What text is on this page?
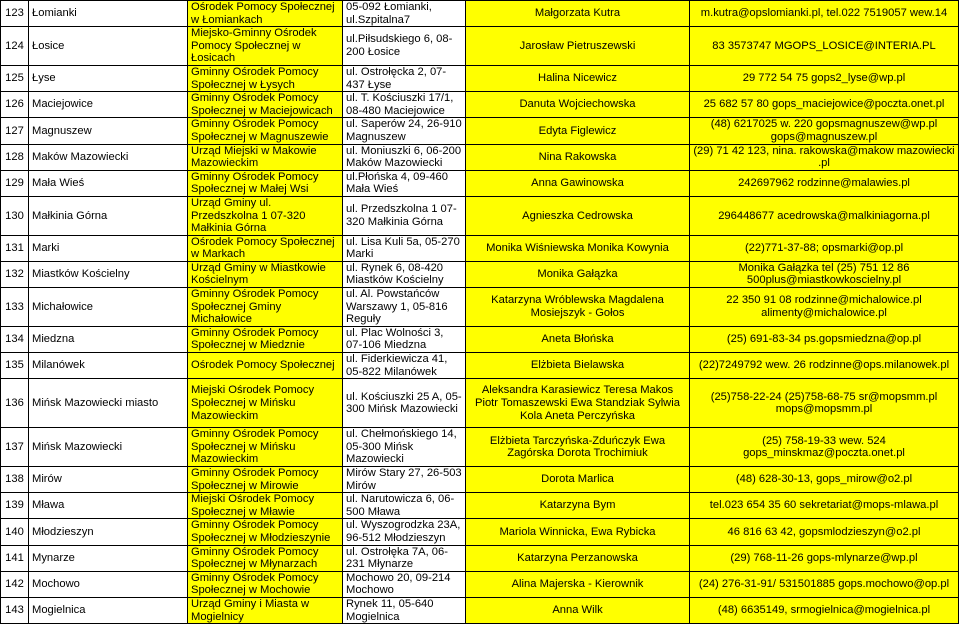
123	Łomianki	Ośrodek Pomocy Społecznej w Łomiankach	05-092 Łomianki, ul.Szpitalna7	Małgorzata Kutra	m.kutra@opslomianki.pl, tel.022 7519057 wew.14
124	Łosice	Miejsko-Gminny Ośrodek Pomocy Społecznej w Łosicach	ul.Piłsudskiego 6, 08-200 Łosice	Jarosław Pietruszewski	83 3573747 MGOPS_LOSICE@INTERIA.PL
125	Łyse	Gminny Ośrodek Pomocy Społecznej w Łysych	ul. Ostrołęcka 2, 07-437 Łyse	Halina Nicewicz	29 772 54 75 gops2_lyse@wp.pl
126	Maciejowice	Gminny Ośrodek Pomocy Społecznej w Maciejowicach	ul. T. Kościuszki 17/1, 08-480 Maciejowice	Danuta Wojciechowska	25 682 57 80 gops_maciejowice@poczta.onet.pl
127	Magnuszew	Gminny Ośrodek Pomocy Społecznej w Magnuszewie	ul. Saperów 24, 26-910 Magnuszew	Edyta Figlewicz	(48) 6217025 w. 220 gopsmagnuszew@wp.pl gops@magnuszew.pl
128	Maków Mazowiecki	Urząd Miejski w Makowie Mazowieckim	ul. Moniuszki 6, 06-200 Maków Mazowiecki	Nina Rakowska	(29) 71 42 123, nina. rakowska@makow mazowiecki .pl
129	Mała Wieś	Gminny Ośrodek Pomocy Społecznej w Małej Wsi	ul.Płońska 4, 09-460 Mała Wieś	Anna Gawinowska	242697962 rodzinne@malawies.pl
130	Małkinia Górna	Urząd Gminy ul. Przedszkolna 1 07-320 Małkinia Górna	ul. Przedszkolna 1 07-320 Małkinia Górna	Agnieszka Cedrowska	296448677 acedrowska@malkiniagorna.pl
131	Marki	Ośrodek Pomocy Społecznej w Markach	ul. Lisa Kuli 5a, 05-270 Marki	Monika Wiśniewska Monika Kowynia	(22)771-37-88; opsmarki@op.pl
132	Miastków Kościelny	Urząd Gminy w Miastkowie Kościelnym	ul. Rynek 6, 08-420 Miastków Kościelny	Monika Gałązka	Monika Gałązka tel (25) 751 12 86 500plus@miastkowkoscielny.pl
133	Michałowice	Gminny Ośrodek Pomocy Społecznej Gminy Michałowice	ul. Al. Powstańców Warszawy 1, 05-816 Reguły	Katarzyna Wróblewska Magdalena Mosiejszyk - Gołos	22 350 91 08 rodzinne@michalowice.pl alimenty@michalowice.pl
134	Miedzna	Gminny Ośrodek Pomocy Społecznej w Miedznie	ul. Plac Wolności 3, 07-106 Miedzna	Aneta Błońska	(25) 691-83-34 ps.gopsmiedzna@op.pl
135	Milanówek	Ośrodek Pomocy Społecznej	ul. Fiderkiewicza 41, 05-822 Milanówek	Elżbieta Bielawska	(22)7249792 wew. 26 rodzinne@ops.milanowek.pl
136	Mińsk Mazowiecki miasto	Miejski Ośrodek Pomocy Społecznej w Mińsku Mazowieckim	ul. Kościuszki 25 A, 05-300 Mińsk Mazowiecki	Aleksandra Karasiewicz Teresa Makos Piotr Tomaszewski Ewa Standziak Sylwia Kola Aneta Perczyńska	(25)758-22-24 (25)758-68-75 sr@mopsmm.pl mops@mopsmm.pl
137	Mińsk Mazowiecki	Gminny Ośrodek Pomocy Społecznej w Mińsku Mazowieckim	ul. Chełmońskiego 14, 05-300 Mińsk Mazowiecki	Elżbieta Tarczyńska-Zduńczyk Ewa Zagórska Dorota Trochimiuk	(25) 758-19-33 wew. 524 gops_minskmaz@poczta.onet.pl
138	Mirów	Gminny Ośrodek Pomocy Społecznej w Mirowie	Mirów Stary 27, 26-503 Mirów	Dorota Marlica	(48) 628-30-13, gops_mirow@o2.pl
139	Mława	Miejski Ośrodek Pomocy Społecznej w Mławie	ul. Narutowicza 6, 06-500 Mława	Katarzyna Bym	tel.023 654 35 60 sekretariat@mops-mlawa.pl
140	Młodzieszyn	Gminny Ośrodek Pomocy Społecznej w Młodzieszynie	ul. Wyszogrodzka 23A, 96-512 Młodzieszyn	Mariola Winnicka, Ewa Rybicka	46 816 63 42, gopsmlodzieszyn@o2.pl
141	Mynarze	Gminny Ośrodek Pomocy Społecznej w Młynarzach	ul. Ostrołęka 7A, 06-231 Młynarze	Katarzyna Perzanowska	(29) 768-11-26 gops-mlynarze@wp.pl
142	Mochowo	Gminny Ośrodek Pomocy Społecznej w Mochowie	Mochowo 20, 09-214 Mochowo	Alina Majerska - Kierownik	(24) 276-31-91/ 531501885 gops.mochowo@op.pl
143	Mogielnica	Urząd Gminy i Miasta w Mogielnicy	Rynek 11, 05-640 Mogielnica	Anna Wilk	(48) 6635149, srmogielnica@mogielnica.pl
